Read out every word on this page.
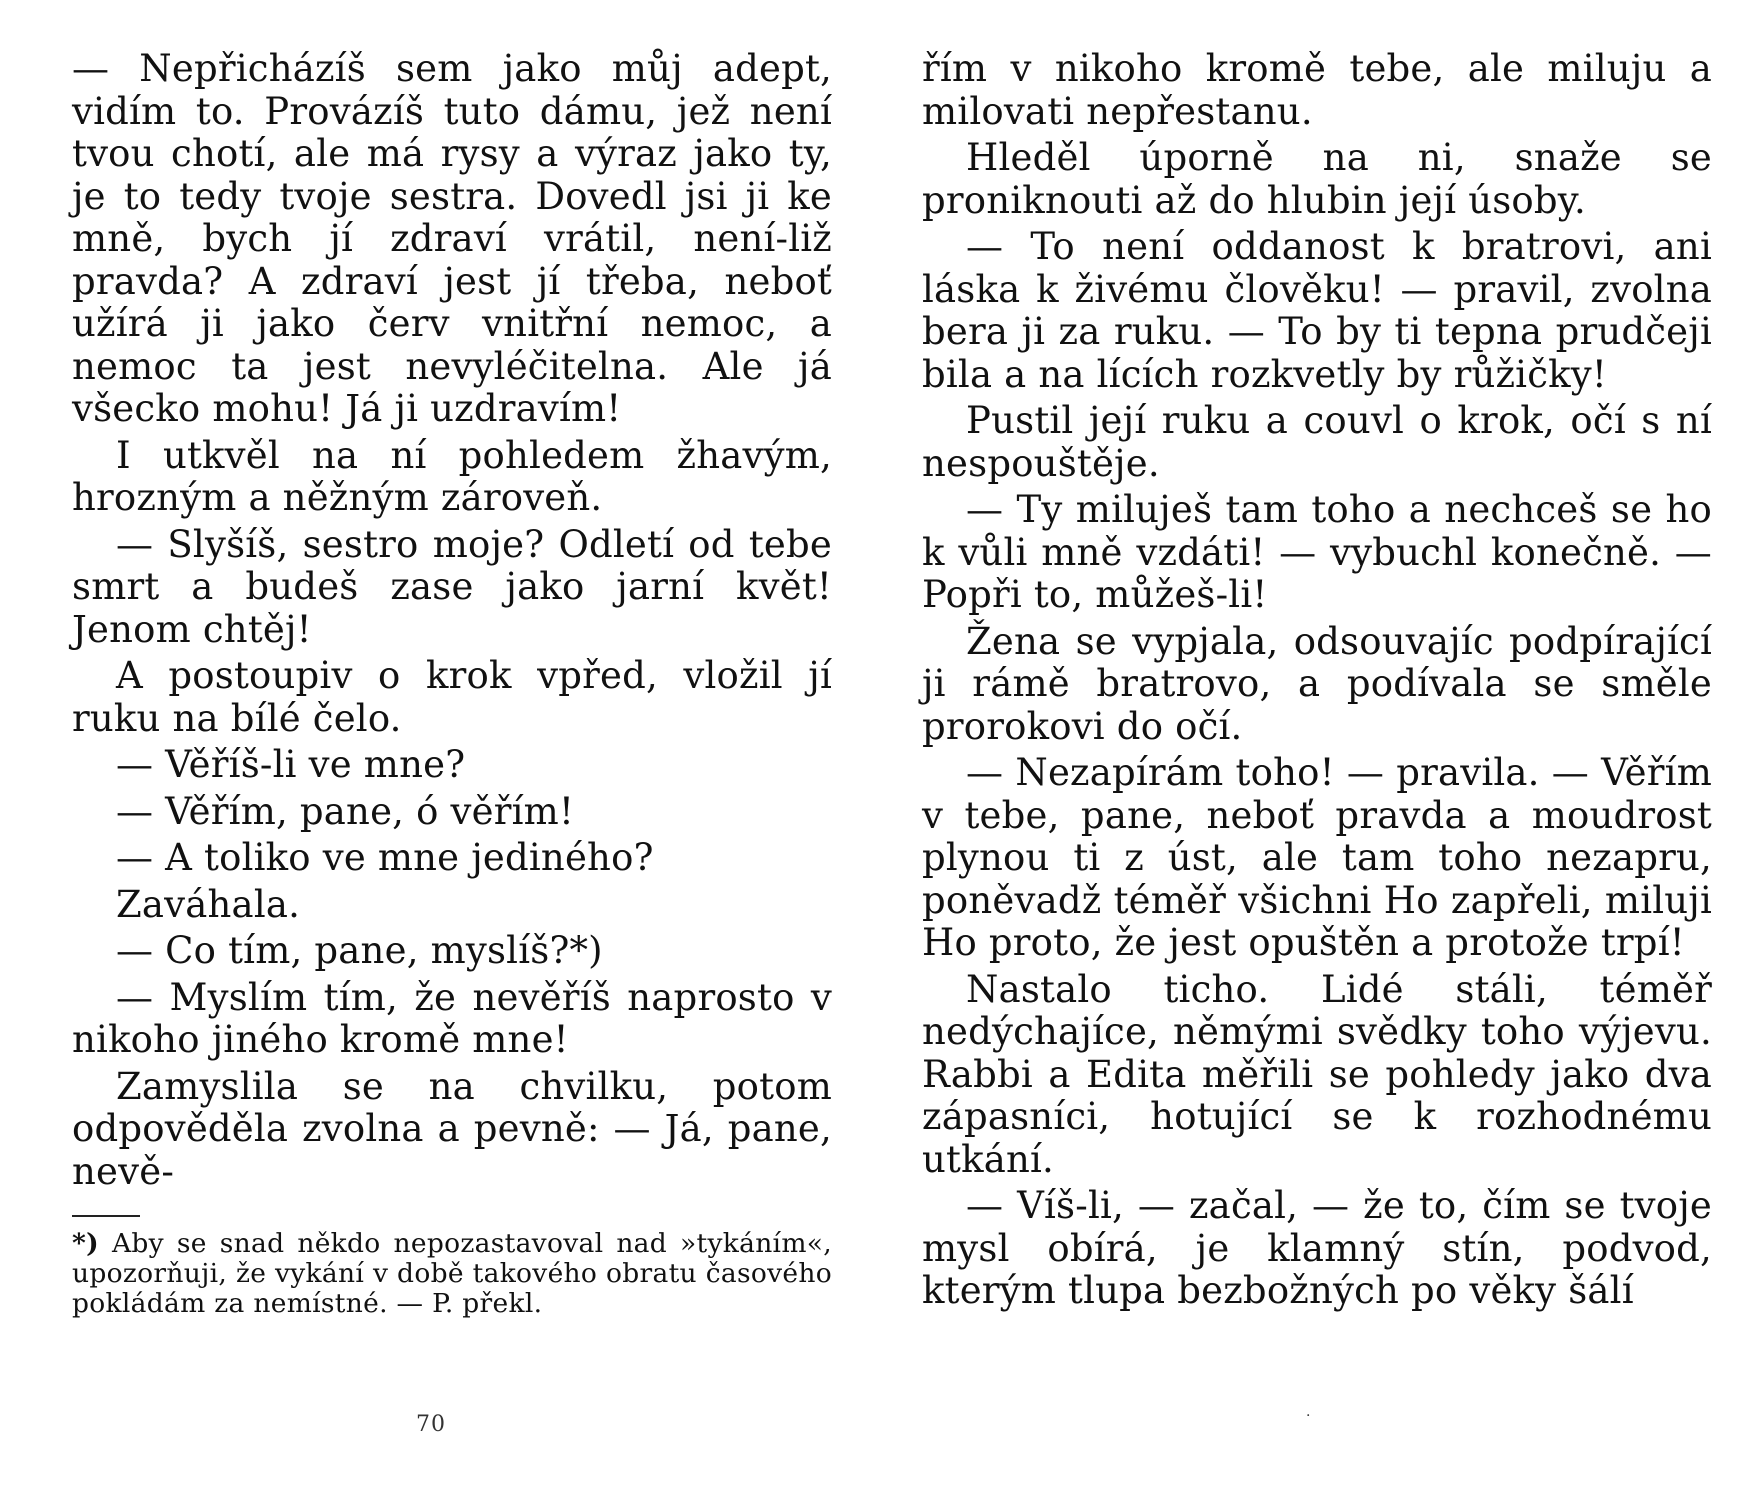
— Nepřicházíš sem jako můj adept, vidím to. Provázíš tuto dámu, jež není tvou chotí, ale má rysy a výraz jako ty, je to tedy tvoje sestra. Dovedl jsi ji ke mně, bych jí zdraví vrátil, není-liž pravda? A zdraví jest jí třeba, neboť užírá ji jako červ vnitřní nemoc, a nemoc ta jest nevyléčitelna. Ale já všecko mohu! Já ji uzdravím!

I utkvěl na ní pohledem žhavým, hrozným a něžným zároveň.

— Slyšíš, sestro moje? Odletí od tebe smrt a budeš zase jako jarní květ! Jenom chtěj!

A postoupiv o krok vpřed, vložil jí ruku na bílé čelo.

— Věříš-li ve mne?

— Věřím, pane, ó věřím!

— A toliko ve mne jediného?

Zaváhala.

— Co tím, pane, myslíš?*)

— Myslím tím, že nevěříš naprosto v nikoho jiného kromě mne!

Zamyslila se na chvilku, potom odpověděla zvolna a pevně: — Já, pane, nevě-

*) Aby se snad někdo nepozastavoval nad »tykáním«, upozorňuji, že vykání v době takového obratu časového pokládám za nemístné. — P. překl.

70

řím v nikoho kromě tebe, ale miluju a milovati nepřestanu.

Hleděl úporně na ni, snaže se proniknouti až do hlubin její úsoby.

— To není oddanost k bratrovi, ani láska k živému člověku! — pravil, zvolna bera ji za ruku. — To by ti tepna prudčeji bila a na lících rozkvetly by růžičky!

Pustil její ruku a couvl o krok, očí s ní nespouštěje.

— Ty miluješ tam toho a nechceš se ho k vůli mně vzdáti! — vybuchl konečně. — Popři to, můžeš-li!

Žena se vypjala, odsouvajíc podpírající ji rámě bratrovo, a podívala se směle prorokovi do očí.

— Nezapírám toho! — pravila. — Věřím v tebe, pane, neboť pravda a moudrost plynou ti z úst, ale tam toho nezapru, poněvadž téměř všichni Ho zapřeli, miluji Ho proto, že jest opuštěn a protože trpí!

Nastalo ticho. Lidé stáli, téměř nedýchajíce, němými svědky toho výjevu. Rabbi a Edita měřili se pohledy jako dva zápasníci, hotující se k rozhodnému utkání.

— Víš-li, — začal, — že to, čím se tvoje mysl obírá, je klamný stín, podvod, kterým tlupa bezbožných po věky šálí

·
